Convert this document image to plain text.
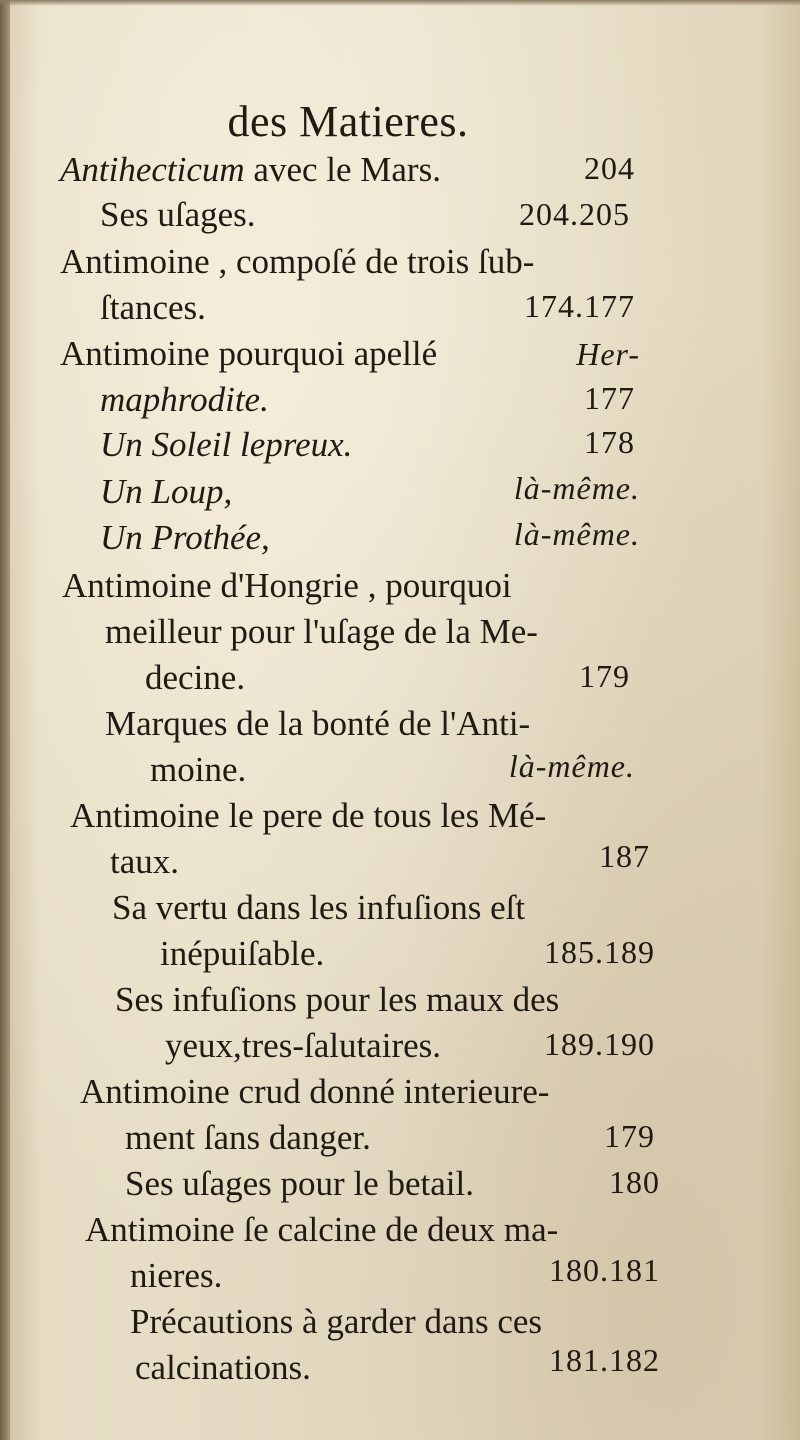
des Matieres.
Antihecticum avec le Mars.	204
Ses uſages.	204.205
Antimoine , compoſé de trois ſub-
ſtances.	174.177
Antimoine pourquoi apellé	Her-
maphrodite.	177
Un Soleil lepreux.	178
Un Loup,	là-même.
Un Prothée,	là-même.
Antimoine d'Hongrie , pourquoi
meilleur pour l'uſage de la Me-
decine.	179
Marques de la bonté de l'Anti-
moine.	là-même.
Antimoine le pere de tous les Mé-
taux.	187
Sa vertu dans les infuſions eſt
inépuiſable.	185.189
Ses infuſions pour les maux des
yeux,tres-ſalutaires.	189.190
Antimoine crud donné interieure-
ment ſans danger.	179
Ses uſages pour le betail.	180
Antimoine ſe calcine de deux ma-
nieres.	180.181
Précautions à garder dans ces
calcinations.	181.182
